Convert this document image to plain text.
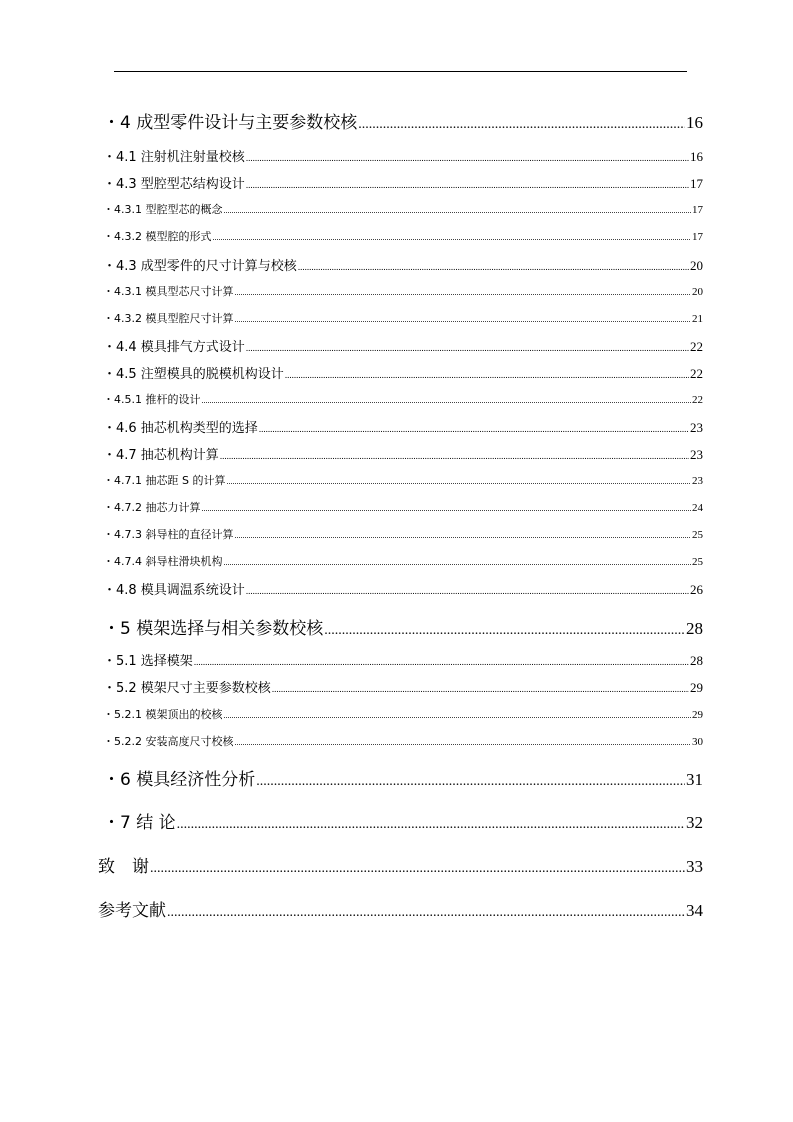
・4 成型零件设计与主要参数校核 .....	16
・4.1 注射机注射量校核 .....	16
・4.3 型腔型芯结构设计 .....	17
・4.3.1 型腔型芯的概念 .....	17
・4.3.2 模型腔的形式 .....	17
・4.3 成型零件的尺寸计算与校核 .....	20
・4.3.1 模具型芯尺寸计算 .....	20
・4.3.2 模具型腔尺寸计算 .....	21
・4.4 模具排气方式设计 .....	22
・4.5 注塑模具的脱模机构设计 .....	22
・4.5.1 推杆的设计 .....	22
・4.6 抽芯机构类型的选择 .....	23
・4.7 抽芯机构计算 .....	23
・4.7.1 抽芯距 S 的计算 .....	23
・4.7.2 抽芯力计算 .....	24
・4.7.3 斜导柱的直径计算 .....	25
・4.7.4 斜导柱滑块机构 .....	25
・4.8 模具调温系统设计 .....	26
・5 模架选择与相关参数校核 .....	28
・5.1 选择模架 .....	28
・5.2 模架尺寸主要参数校核 .....	29
・5.2.1 模架顶出的校核 .....	29
・5.2.2 安装高度尺寸校核 .....	30
・6 模具经济性分析 .....	31
・7 结 论 .....	32
致　谢 .....	33
参考文献 .....	34
